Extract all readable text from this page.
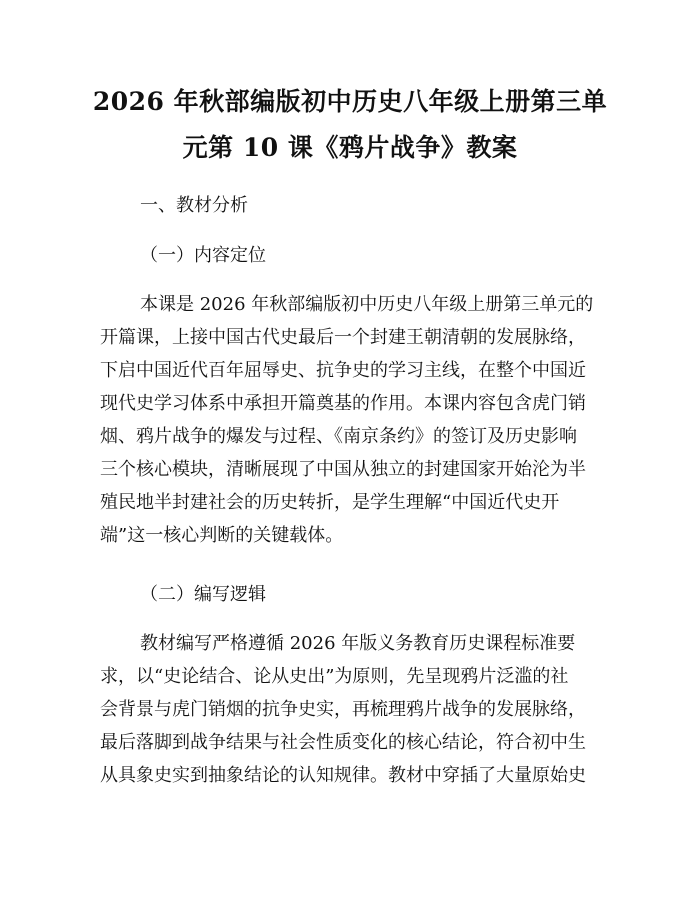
2026 年秋部编版初中历史八年级上册第三单
元第 10 课《鸦片战争》教案
一、教材分析
（一）内容定位
本课是 2026 年秋部编版初中历史八年级上册第三单元的
开篇课，上接中国古代史最后一个封建王朝清朝的发展脉络，
下启中国近代百年屈辱史、抗争史的学习主线，在整个中国近
现代史学习体系中承担开篇奠基的作用。本课内容包含虎门销
烟、鸦片战争的爆发与过程、《南京条约》的签订及历史影响
三个核心模块，清晰展现了中国从独立的封建国家开始沦为半
殖民地半封建社会的历史转折，是学生理解“中国近代史开
端”这一核心判断的关键载体。
（二）编写逻辑
教材编写严格遵循 2026 年版义务教育历史课程标准要
求，以“史论结合、论从史出”为原则，先呈现鸦片泛滥的社
会背景与虎门销烟的抗争史实，再梳理鸦片战争的发展脉络，
最后落脚到战争结果与社会性质变化的核心结论，符合初中生
从具象史实到抽象结论的认知规律。教材中穿插了大量原始史
